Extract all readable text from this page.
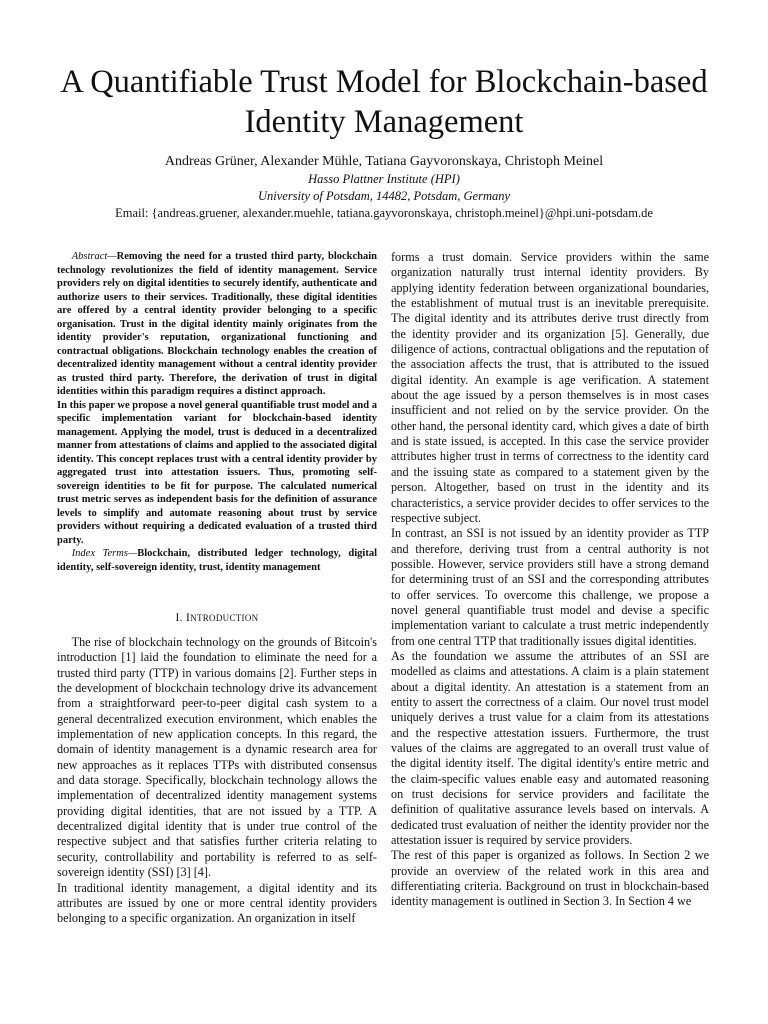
A Quantifiable Trust Model for Blockchain-based Identity Management
Andreas Grüner, Alexander Mühle, Tatiana Gayvoronskaya, Christoph Meinel
Hasso Plattner Institute (HPI)
University of Potsdam, 14482, Potsdam, Germany
Email: {andreas.gruener, alexander.muehle, tatiana.gayvoronskaya, christoph.meinel}@hpi.uni-potsdam.de

Abstract—Removing the need for a trusted third party, blockchain technology revolutionizes the field of identity management. Service providers rely on digital identities to securely identify, authenticate and authorize users to their services. Traditionally, these digital identities are offered by a central identity provider belonging to a specific organisation. Trust in the digital identity mainly originates from the identity provider's reputation, organizational functioning and contractual obligations. Blockchain technology enables the creation of decentralized identity management without a central identity provider as trusted third party. Therefore, the derivation of trust in digital identities within this paradigm requires a distinct approach.

In this paper we propose a novel general quantifiable trust model and a specific implementation variant for blockchain-based identity management. Applying the model, trust is deduced in a decentralized manner from attestations of claims and applied to the associated digital identity. This concept replaces trust with a central identity provider by aggregated trust into attestation issuers. Thus, promoting self-sovereign identities to be fit for purpose. The calculated numerical trust metric serves as independent basis for the definition of assurance levels to simplify and automate reasoning about trust by service providers without requiring a dedicated evaluation of a trusted third party.

Index Terms—Blockchain, distributed ledger technology, digital identity, self-sovereign identity, trust, identity management

I. INTRODUCTION

The rise of blockchain technology on the grounds of Bitcoin's introduction [1] laid the foundation to eliminate the need for a trusted third party (TTP) in various domains [2]. Further steps in the development of blockchain technology drive its advancement from a straightforward peer-to-peer digital cash system to a general decentralized execution environment, which enables the implementation of new application concepts. In this regard, the domain of identity management is a dynamic research area for new approaches as it replaces TTPs with distributed consensus and data storage. Specifically, blockchain technology allows the implementation of decentralized identity management systems providing digital identities, that are not issued by a TTP. A decentralized digital identity that is under true control of the respective subject and that satisfies further criteria relating to security, controllability and portability is referred to as self-sovereign identity (SSI) [3] [4].

In traditional identity management, a digital identity and its attributes are issued by one or more central identity providers belonging to a specific organization. An organization in itself

forms a trust domain. Service providers within the same organization naturally trust internal identity providers. By applying identity federation between organizational boundaries, the establishment of mutual trust is an inevitable prerequisite. The digital identity and its attributes derive trust directly from the identity provider and its organization [5]. Generally, due diligence of actions, contractual obligations and the reputation of the association affects the trust, that is attributed to the issued digital identity. An example is age verification. A statement about the age issued by a person themselves is in most cases insufficient and not relied on by the service provider. On the other hand, the personal identity card, which gives a date of birth and is state issued, is accepted. In this case the service provider attributes higher trust in terms of correctness to the identity card and the issuing state as compared to a statement given by the person. Altogether, based on trust in the identity and its characteristics, a service provider decides to offer services to the respective subject.

In contrast, an SSI is not issued by an identity provider as TTP and therefore, deriving trust from a central authority is not possible. However, service providers still have a strong demand for determining trust of an SSI and the corresponding attributes to offer services. To overcome this challenge, we propose a novel general quantifiable trust model and devise a specific implementation variant to calculate a trust metric independently from one central TTP that traditionally issues digital identities.

As the foundation we assume the attributes of an SSI are modelled as claims and attestations. A claim is a plain statement about a digital identity. An attestation is a statement from an entity to assert the correctness of a claim. Our novel trust model uniquely derives a trust value for a claim from its attestations and the respective attestation issuers. Furthermore, the trust values of the claims are aggregated to an overall trust value of the digital identity itself. The digital identity's entire metric and the claim-specific values enable easy and automated reasoning on trust decisions for service providers and facilitate the definition of qualitative assurance levels based on intervals. A dedicated trust evaluation of neither the identity provider nor the attestation issuer is required by service providers.

The rest of this paper is organized as follows. In Section 2 we provide an overview of the related work in this area and differentiating criteria. Background on trust in blockchain-based identity management is outlined in Section 3. In Section 4 we
